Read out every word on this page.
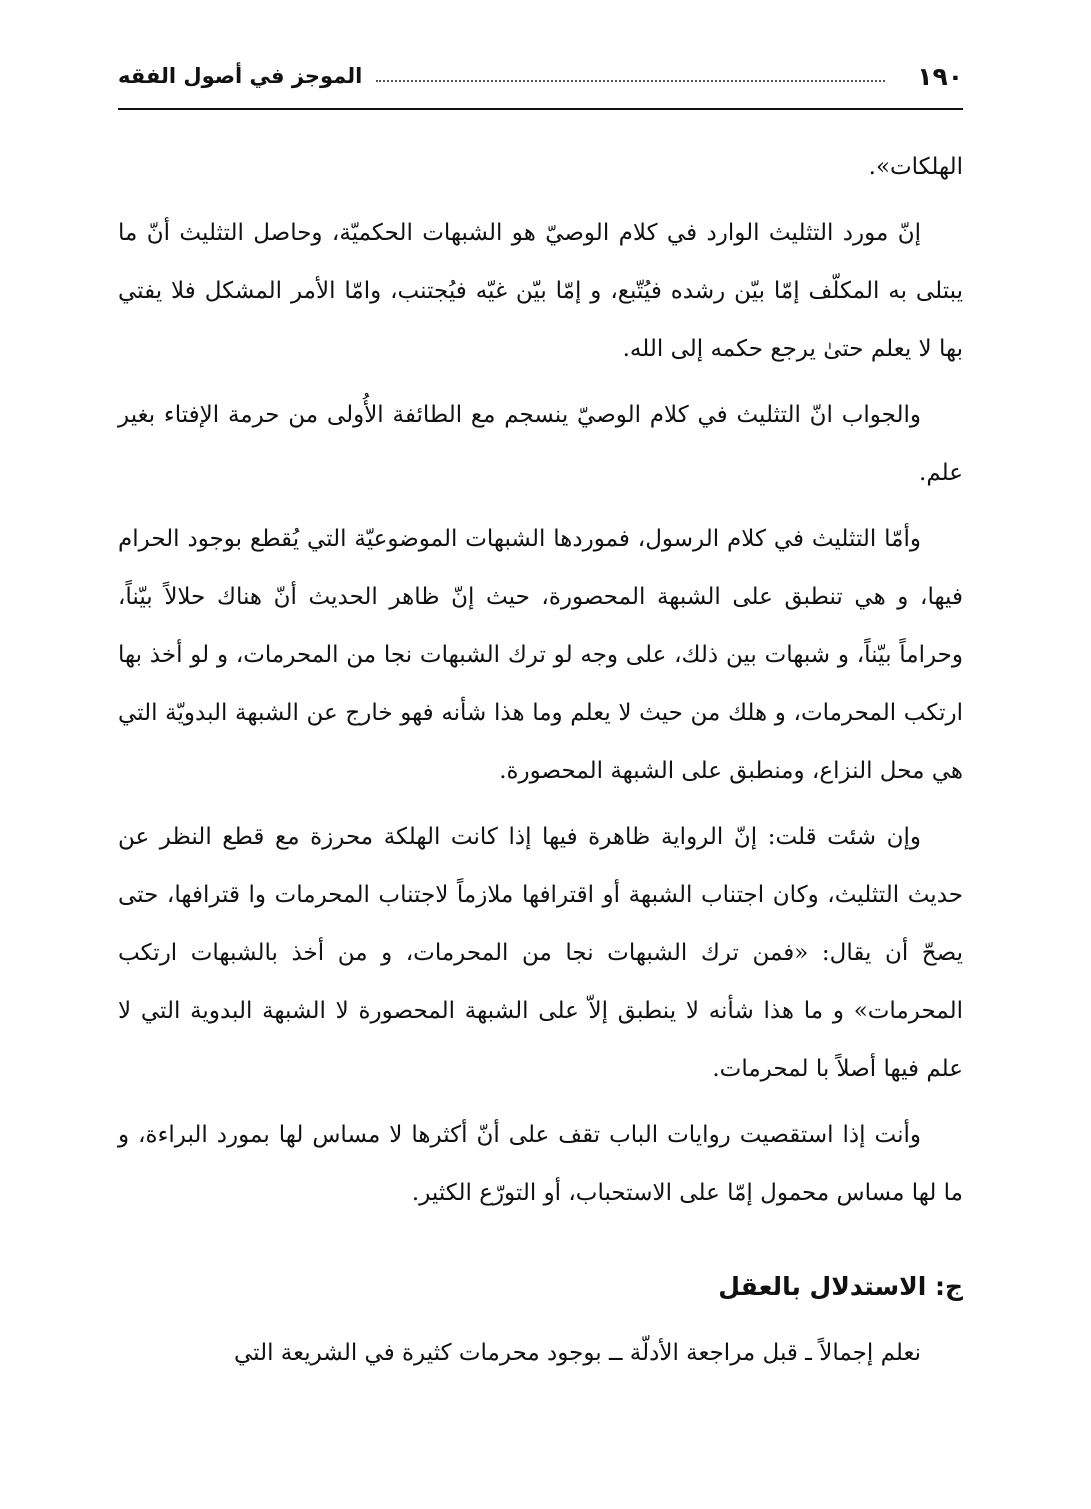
١٩٠
الموجز في أصول الفقه

الهلكات».

إنّ مورد التثليث الوارد في كلام الوصيّ هو الشبهات الحكميّة، وحاصل التثليث أنّ ما يبتلى به المكلّف إمّا بيّن رشده فيُتّبع، و إمّا بيّن غيّه فيُجتنب، وامّا الأمر المشكل فلا يفتي بها لا يعلم حتىٰ يرجع حكمه إلى الله.

والجواب انّ التثليث في كلام الوصيّ ينسجم مع الطائفة الأُولى من حرمة الإفتاء بغير علم.

وأمّا التثليث في كلام الرسول، فموردها الشبهات الموضوعيّة التي يُقطع بوجود الحرام فيها، و هي تنطبق على الشبهة المحصورة، حيث إنّ ظاهر الحديث أنّ هناك حلالاً بيّناً، وحراماً بيّناً، و شبهات بين ذلك، على وجه لو ترك الشبهات نجا من المحرمات، و لو أخذ بها ارتكب المحرمات، و هلك من حيث لا يعلم وما هذا شأنه فهو خارج عن الشبهة البدويّة التي هي محل النزاع، ومنطبق على الشبهة المحصورة.

وإن شئت قلت: إنّ الرواية ظاهرة فيها إذا كانت الهلكة محرزة مع قطع النظر عن حديث التثليث، وكان اجتناب الشبهة أو اقترافها ملازماً لاجتناب المحرمات وا قترافها، حتى يصحّ أن يقال: «فمن ترك الشبهات نجا من المحرمات، و من أخذ بالشبهات ارتكب المحرمات» و ما هذا شأنه لا ينطبق إلاّ على الشبهة المحصورة لا الشبهة البدوية التي لا علم فيها أصلاً با لمحرمات.

وأنت إذا استقصيت روايات الباب تقف على أنّ أكثرها لا مساس لها بمورد البراءة، و ما لها مساس محمول إمّا على الاستحباب، أو التورّع الكثير.

ج: الاستدلال بالعقل

نعلم إجمالاً ـ قبل مراجعة الأدلّة ــ بوجود محرمات كثيرة في الشريعة التي
